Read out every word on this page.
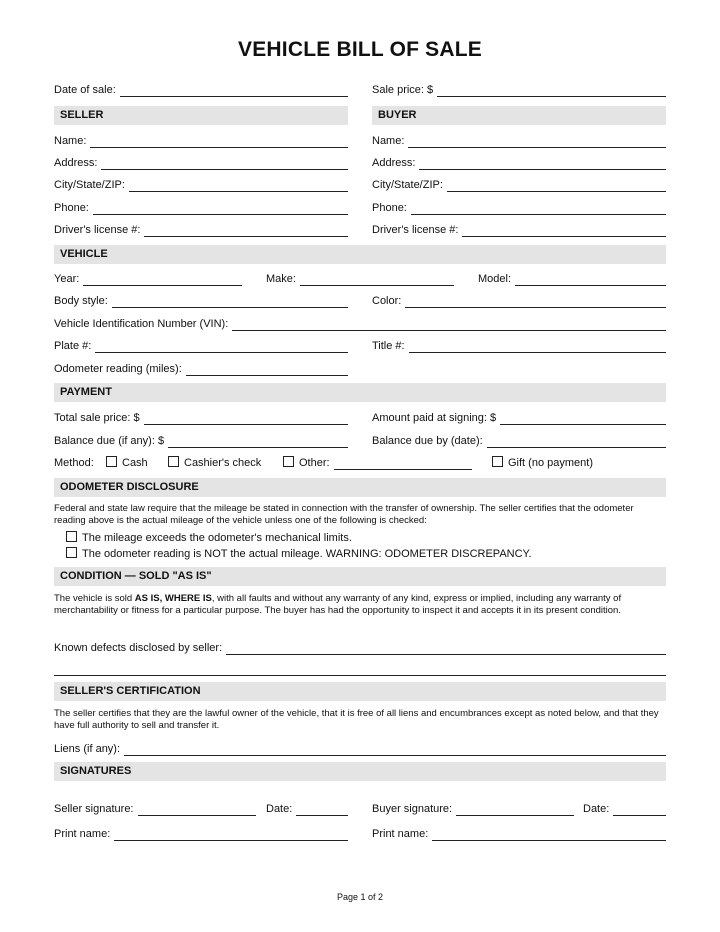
VEHICLE BILL OF SALE
Date of sale:	Sale price: $
SELLER	BUYER
Name:	Name:
Address:	Address:
City/State/ZIP:	City/State/ZIP:
Phone:	Phone:
Driver's license #:	Driver's license #:
VEHICLE
Year:	Make:	Model:
Body style:	Color:
Vehicle Identification Number (VIN):
Plate #:	Title #:
Odometer reading (miles):
PAYMENT
Total sale price: $	Amount paid at signing: $
Balance due (if any): $	Balance due by (date):
Method:	Cash	Cashier's check	Other:	Gift (no payment)
ODOMETER DISCLOSURE
Federal and state law require that the mileage be stated in connection with the transfer of ownership. The seller certifies that the odometer reading above is the actual mileage of the vehicle unless one of the following is checked:
The mileage exceeds the odometer's mechanical limits.
The odometer reading is NOT the actual mileage. WARNING: ODOMETER DISCREPANCY.
CONDITION — SOLD "AS IS"
The vehicle is sold AS IS, WHERE IS, with all faults and without any warranty of any kind, express or implied, including any warranty of merchantability or fitness for a particular purpose. The buyer has had the opportunity to inspect it and accepts it in its present condition.
Known defects disclosed by seller:
SELLER'S CERTIFICATION
The seller certifies that they are the lawful owner of the vehicle, that it is free of all liens and encumbrances except as noted below, and that they have full authority to sell and transfer it.
Liens (if any):
SIGNATURES
Seller signature:	Date:	Buyer signature:	Date:
Print name:	Print name:
Page 1 of 2
